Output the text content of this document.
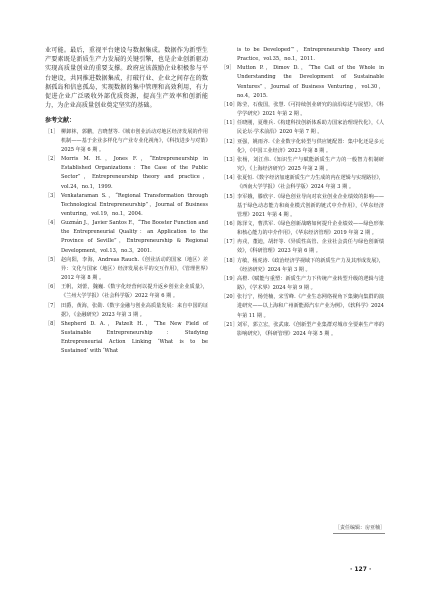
业可能。最后，重视平台建设与数据集成。数据作为新型生产要素既是新质生产力发展的关键引擎，也是企业创新驱动实现高质量创业的重要支撑。政府应该鼓励企业积极参与平台建设，共同推进数据集成，打破行业、企业之间存在的数据孤岛和信息孤岛，实现数据的集中管理和高效利用，有力促进企业广泛吸收外部优质资源，提高生产效率和创新能力，为企业高质量创业奠定坚实的基础。

参考文献：

［1］ 柳卸林，郭鹏，吉晓慧等.《城市创业活动对地区经济发展的作用机制——基于企业多样化与产业专业化视角》，《科技进步与对策》2025 年第 6 期 。

［2］ Morris M. H.，Jones F.，“Entrepreneurship in Established Organizations：The Case of the Public Sector”，Entrepreneurship theory and practice，vol.24，no.1，1999.

［3］ Venkataraman S.，“Regional Transformation through Technological Entrepreneurship”，Journal of Business venturing，vol.19，no.1，2004.

［4］ Guzmán J.，Javier Santos F.，“The Booster Function and the Entrepreneurial Quality：an Application to the Province of Seville”，Entrepreneurship & Regional Development，vol.13，no.3，2001.

［5］ 赵向阳，李海，Andreas Rauch.《创业活动的国家（地区）差异：文化与国家（地区）经济发展水平的交互作用》，《管理世界》2012 年第 8 期 。

［6］ 王帆，刘蕾，魏巍.《数字化经营何以提升返乡创业企业质量》，《兰州大学学报》（社会科学版）2022 年第 6 期 。

［7］ 田爵，黄海，张勋.《数字金融与创业高质量发展：来自中国的证据》，《金融研究》2023 年第 3 期 。

［8］ Shepherd D. A.，Patzelt H.，“The New Field of Sustainable Entrepreneurship：Studying Entrepreneurial Action Linking ‘What is to be Sustained’ with ‘What

is to be Developed’”，Entrepreneurship Theory and Practice，vol.35，no.1，2011.

［9］ Mutton P.，Dimov D.，“The Call of the Whole in Understanding the Development of Sustainable Ventures”，Journal of Business Venturing，vol.30，no.4，2015.

［10］ 陈莹，石俊国，张慧.《可持续创业研究的前沿综述与展望》，《科学学研究》2021 年第 2 期 。

［11］ 任晓刚，夏维兵.《构建科技创新体系助力国家治理现代化》，《人民论坛·学术前沿》2020 年第 7 期 。

［12］ 亚强，姚雨齐.《企业数字化转型与供应链配置：集中化还是多元化》，《中国工业经济》2023 年第 8 期 。

［13］ 张杨，刘江伟.《知识生产与赋能新质生产力的一般智力机制研究》，《上海经济研究》2025 年第 2 期 。

［14］ 张夏恒.《数字经济加速新质生产力生成的内在逻辑与实现路径》，《西南大学学报》（社会科学版）2024 年第 3 期 。

［15］ 李军娥，滕欣宇.《绿色创业导向对农业创业企业绩效的影响——基于绿色动态能力和商业模式创新的链式中介作用》，《华东经济管理》2021 年第 4 期 。

［16］ 陈泽文，曹洪军.《绿色创新战略如何提升企业绩效——绿色形象和核心能力的中介作用》，《华东经济管理》2019 年第 2 期 。

［17］ 冉戎，董迪，胡轩等.《异质性高管、企业社会责任与绿色创新绩效》，《科研管理》2023 年第 6 期 。

［18］ 方敏，杨虎涛.《政治经济学视域下的新质生产力及其形成发展》，《经济研究》2024 年第 3 期 。

［19］ 高橙.《赋能与重塑：新质生产力下传统产业转型升级的逻辑与进路》，《学术界》2024 年第 9 期 。

［20］ 张行宁，杨莞楠，宋雪峰.《产业生态网络视角下集聚向集群的演进研究——以上海和广州新能源汽车产业为例》，《软科学》2024 年第 11 期 。

［21］ 刘军，郭立宏，张武康.《创新型产业集群对城市全要素生产率的影响研究》，《科研管理》2024 年第 5 期 。

［责任编辑：房亚楠］
· 127 ·
